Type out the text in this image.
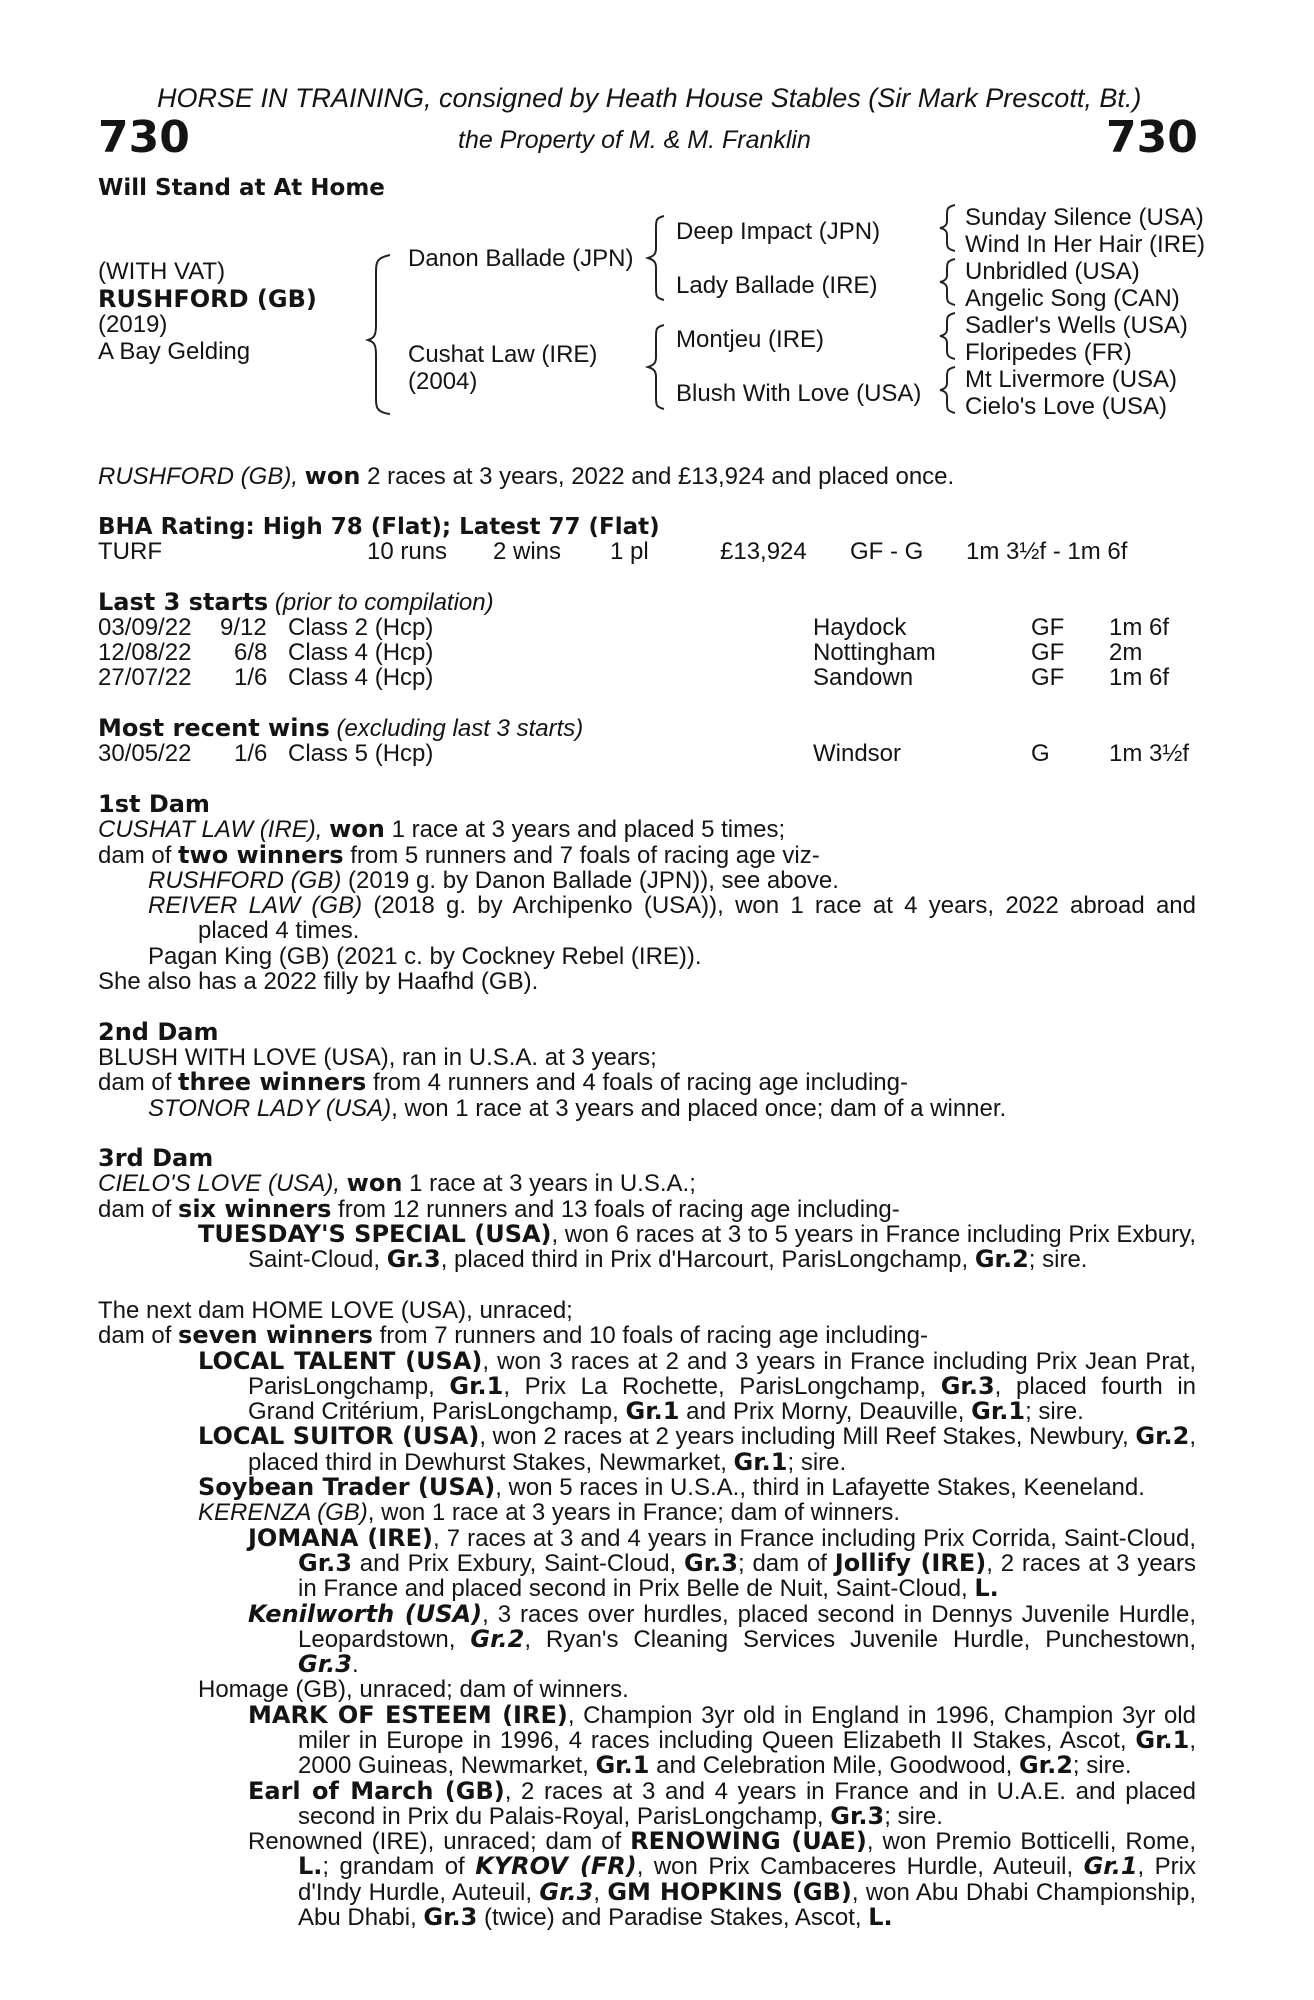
HORSE IN TRAINING, consigned by Heath House Stables (Sir Mark Prescott, Bt.)
730	the Property of M. & M. Franklin	730
Will Stand at At Home
(WITH VAT)
RUSHFORD (GB)
(2019)
A Bay Gelding
Danon Ballade (JPN)
Cushat Law (IRE)
(2004)
Deep Impact (JPN)
Lady Ballade (IRE)
Montjeu (IRE)
Blush With Love (USA)
Sunday Silence (USA)
Wind In Her Hair (IRE)
Unbridled (USA)
Angelic Song (CAN)
Sadler's Wells (USA)
Floripedes (FR)
Mt Livermore (USA)
Cielo's Love (USA)
RUSHFORD (GB), won 2 races at 3 years, 2022 and £13,924 and placed once.
BHA Rating: High 78 (Flat); Latest 77 (Flat)
TURF	10 runs 2 wins 1 pl	£13,924 GF - G 1m 3½f - 1m 6f
Last 3 starts (prior to compilation)
03/09/22 9/12 Class 2 (Hcp)	Haydock	GF 1m 6f
12/08/22 6/8 Class 4 (Hcp)	Nottingham	GF 2m
27/07/22 1/6 Class 4 (Hcp)	Sandown	GF 1m 6f
Most recent wins (excluding last 3 starts)
30/05/22 1/6 Class 5 (Hcp)	Windsor	G 1m 3½f

1st Dam

CUSHAT LAW (IRE), won 1 race at 3 years and placed 5 times;

dam of two winners from 5 runners and 7 foals of racing age viz-

RUSHFORD (GB) (2019 g. by Danon Ballade (JPN)), see above.

REIVER LAW (GB) (2018 g. by Archipenko (USA)), won 1 race at 4 years, 2022 abroad and placed 4 times.

Pagan King (GB) (2021 c. by Cockney Rebel (IRE)).

She also has a 2022 filly by Haafhd (GB).

2nd Dam

BLUSH WITH LOVE (USA), ran in U.S.A. at 3 years;

dam of three winners from 4 runners and 4 foals of racing age including-

STONOR LADY (USA), won 1 race at 3 years and placed once; dam of a winner.

3rd Dam

CIELO'S LOVE (USA), won 1 race at 3 years in U.S.A.;

dam of six winners from 12 runners and 13 foals of racing age including-

TUESDAY'S SPECIAL (USA), won 6 races at 3 to 5 years in France including Prix Exbury, Saint-Cloud, Gr.3, placed third in Prix d'Harcourt, ParisLongchamp, Gr.2; sire.

The next dam HOME LOVE (USA), unraced;

dam of seven winners from 7 runners and 10 foals of racing age including-

LOCAL TALENT (USA), won 3 races at 2 and 3 years in France including Prix Jean Prat, ParisLongchamp, Gr.1, Prix La Rochette, ParisLongchamp, Gr.3, placed fourth in Grand Critérium, ParisLongchamp, Gr.1 and Prix Morny, Deauville, Gr.1; sire.

LOCAL SUITOR (USA), won 2 races at 2 years including Mill Reef Stakes, Newbury, Gr.2, placed third in Dewhurst Stakes, Newmarket, Gr.1; sire.

Soybean Trader (USA), won 5 races in U.S.A., third in Lafayette Stakes, Keeneland.

KERENZA (GB), won 1 race at 3 years in France; dam of winners.

JOMANA (IRE), 7 races at 3 and 4 years in France including Prix Corrida, Saint-Cloud, Gr.3 and Prix Exbury, Saint-Cloud, Gr.3; dam of Jollify (IRE), 2 races at 3 years in France and placed second in Prix Belle de Nuit, Saint-Cloud, L.

Kenilworth (USA), 3 races over hurdles, placed second in Dennys Juvenile Hurdle, Leopardstown, Gr.2, Ryan's Cleaning Services Juvenile Hurdle, Punchestown, Gr.3.

Homage (GB), unraced; dam of winners.

MARK OF ESTEEM (IRE), Champion 3yr old in England in 1996, Champion 3yr old miler in Europe in 1996, 4 races including Queen Elizabeth II Stakes, Ascot, Gr.1, 2000 Guineas, Newmarket, Gr.1 and Celebration Mile, Goodwood, Gr.2; sire.

Earl of March (GB), 2 races at 3 and 4 years in France and in U.A.E. and placed second in Prix du Palais-Royal, ParisLongchamp, Gr.3; sire.

Renowned (IRE), unraced; dam of RENOWING (UAE), won Premio Botticelli, Rome, L.; grandam of KYROV (FR), won Prix Cambaceres Hurdle, Auteuil, Gr.1, Prix d'Indy Hurdle, Auteuil, Gr.3, GM HOPKINS (GB), won Abu Dhabi Championship, Abu Dhabi, Gr.3 (twice) and Paradise Stakes, Ascot, L.
